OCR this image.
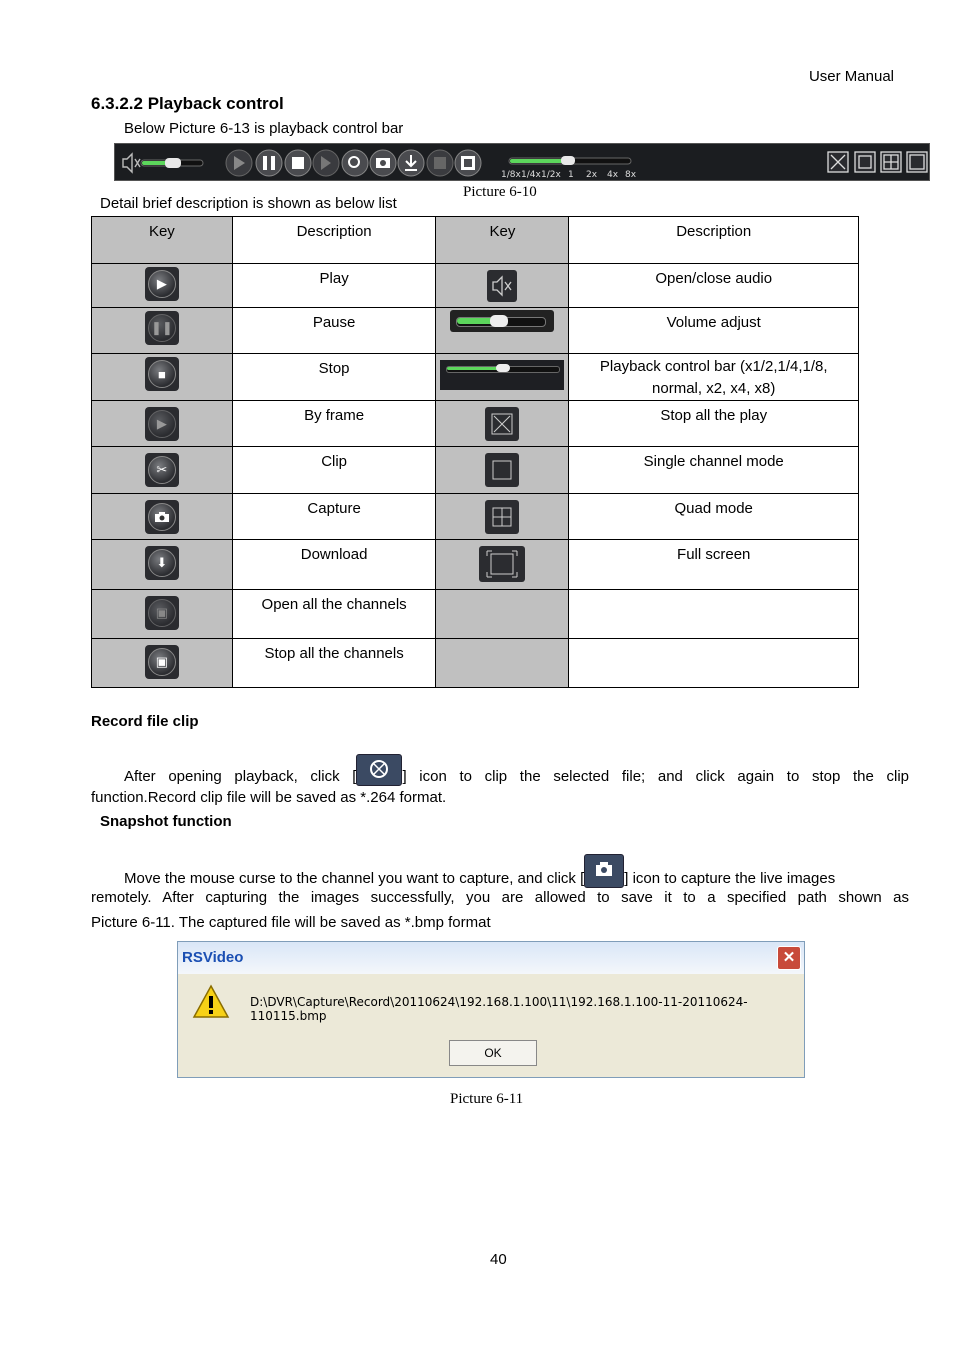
User Manual
6.3.2.2 Playback control
Below Picture 6-13 is playback control bar
1/8x 1/4x 1/2x 1 2x 4x 8x
Picture 6-10
Detail brief description is shown as below list
Key	Description	Key	Description

▶	Play		Open/close audio

❚❚	Pause		Volume adjust

■	Stop		Playback control bar (x1/2,1/4,1/8, normal, x2, x4, x8)

▶	By frame		Stop all the play

✂	Clip		Single channel mode

	Capture		Quad mode

⬇	Download		Full screen

▣	Open all the channels		

▣	Stop all the channels		
Record file clip
After opening playback, click [	] icon to clip the selected file; and click again to stop the clip
function.Record clip file will be saved as *.264 format.
Snapshot function
Move the mouse curse to the channel you want to capture, and click [	] icon to capture the live images
remotely. After capturing the images successfully, you are allowed to save it to a specified path shown as
Picture 6-11. The captured file will be saved as *.bmp format
RSVideo	✕
D:\DVR\Capture\Record\20110624\192.168.1.100\11\192.168.1.100-11-20110624-110115.bmp
OK
Picture 6-11
40
